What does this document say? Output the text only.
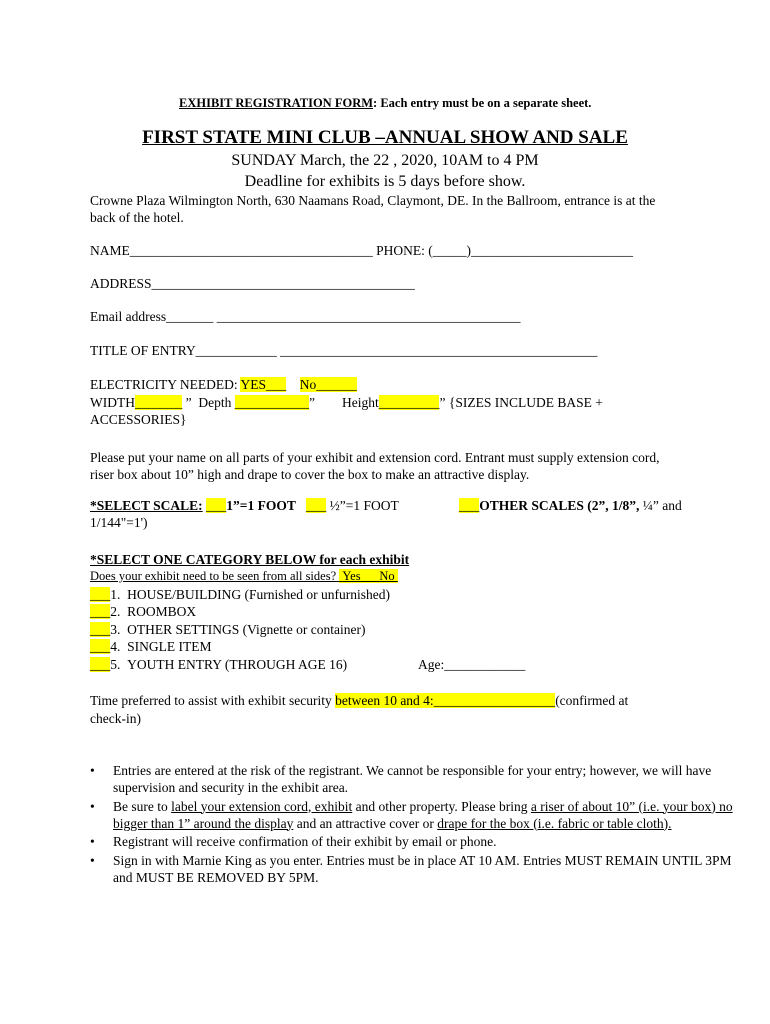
EXHIBIT REGISTRATION FORM: Each entry must be on a separate sheet.
FIRST STATE MINI CLUB –ANNUAL SHOW AND SALE
SUNDAY March, the 22 , 2020, 10AM to 4 PM
Deadline for exhibits is 5 days before show.
Crowne Plaza Wilmington North, 630 Naamans Road, Claymont, DE. In the Ballroom, entrance is at the
back of the hotel.
NAME____________________________________ PHONE: (_____)________________________
ADDRESS_______________________________________
Email address_______ _____________________________________________
TITLE OF ENTRY____________ _______________________________________________
ELECTRICITY NEEDED: YES___ No______
WIDTH_______ ” Depth ___________” Height_________” {SIZES INCLUDE BASE +
ACCESSORIES}
Please put your name on all parts of your exhibit and extension cord. Entrant must supply extension cord,
riser box about 10” high and drape to cover the box to make an attractive display.
*SELECT SCALE: ___1”=1 FOOT ___ ½”=1 FOOT	___OTHER SCALES (2”, 1/8”, ¼” and
1/144"=1')
*SELECT ONE CATEGORY BELOW for each exhibit
Does your exhibit need to be seen from all sides? Yes No
___1. HOUSE/BUILDING (Furnished or unfurnished)
___2. ROOMBOX
___3. OTHER SETTINGS (Vignette or container)
___4. SINGLE ITEM
___5. YOUTH ENTRY (THROUGH AGE 16)	Age:____________
Time preferred to assist with exhibit security between 10 and 4:__________________(confirmed at
check-in)
• Entries are entered at the risk of the registrant. We cannot be responsible for your entry; however, we will have supervision and security in the exhibit area.
• Be sure to label your extension cord, exhibit and other property. Please bring a riser of about 10” (i.e. your box) no bigger than 1” around the display and an attractive cover or drape for the box (i.e. fabric or table cloth).
• Registrant will receive confirmation of their exhibit by email or phone.
• Sign in with Marnie King as you enter. Entries must be in place AT 10 AM. Entries MUST REMAIN UNTIL 3PM and MUST BE REMOVED BY 5PM.
